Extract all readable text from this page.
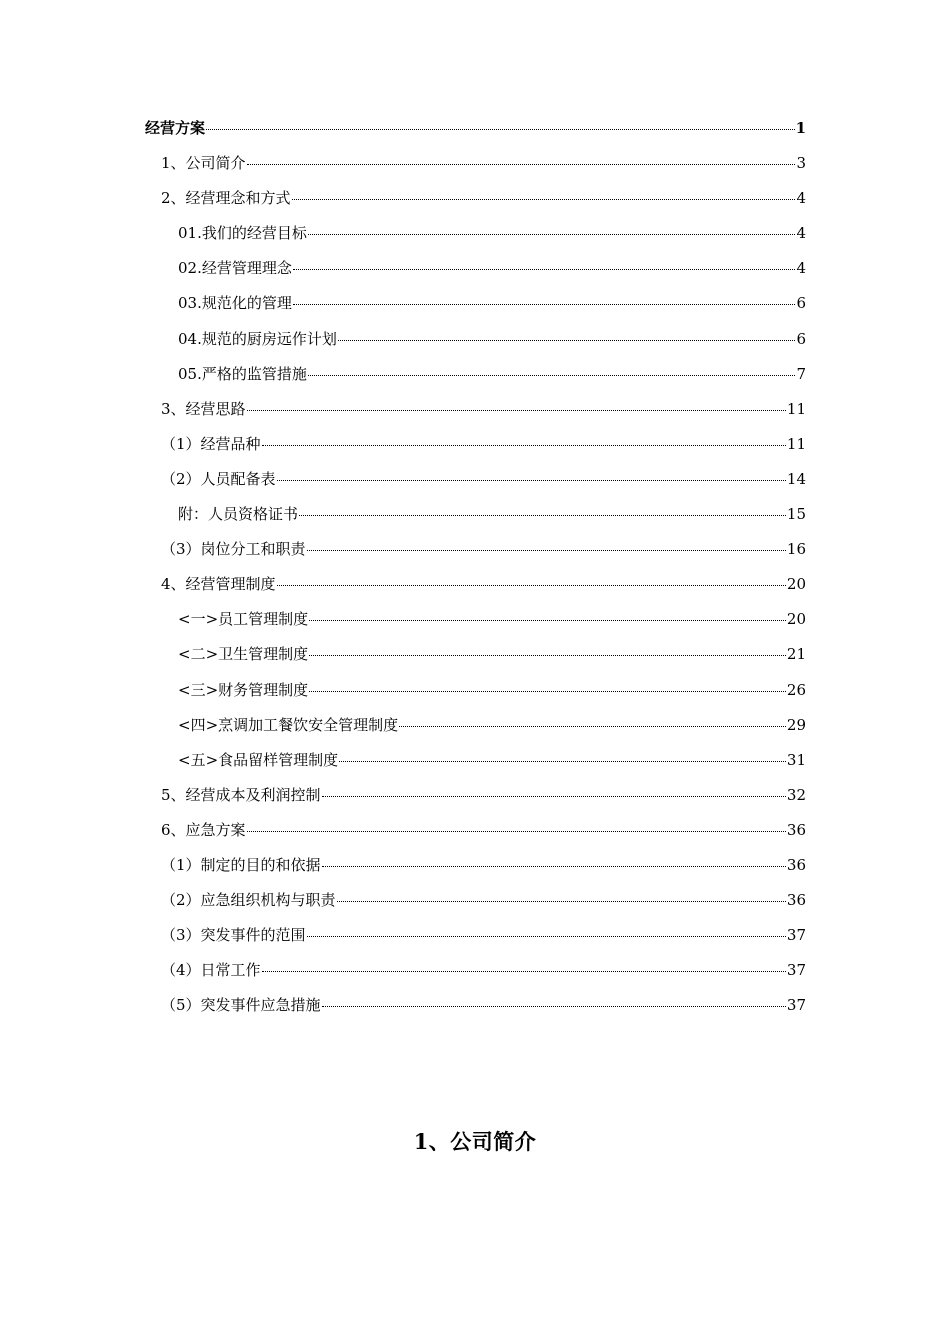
经营方案	1
1、公司简介	3
2、经营理念和方式	4
01.我们的经营目标	4
02.经营管理理念	4
03.规范化的管理	6
04.规范的厨房远作计划	6
05.严格的监管措施	7
3、经营思路	11
（1）经营品种	11
（2）人员配备表	14
附：人员资格证书	15
（3）岗位分工和职责	16
4、经营管理制度	20
<一>员工管理制度	20
<二>卫生管理制度	21
<三>财务管理制度	26
<四>烹调加工餐饮安全管理制度	29
<五>食品留样管理制度	31
5、经营成本及利润控制	32
6、应急方案	36
（1）制定的目的和依据	36
（2）应急组织机构与职责	36
（3）突发事件的范围	37
（4）日常工作	37
（5）突发事件应急措施	37
1、公司简介
